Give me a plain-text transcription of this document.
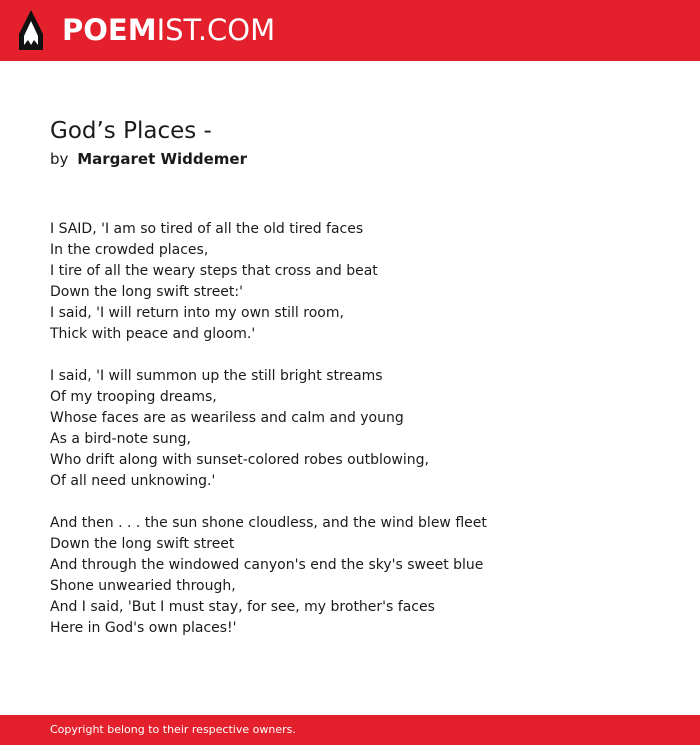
POEMIST.COM
God’s Places -
by Margaret Widdemer
I SAID, 'I am so tired of all the old tired faces
In the crowded places,
I tire of all the weary steps that cross and beat
Down the long swift street:'
I said, 'I will return into my own still room,
Thick with peace and gloom.'
I said, 'I will summon up the still bright streams
Of my trooping dreams,
Whose faces are as weariless and calm and young
As a bird-note sung,
Who drift along with sunset-colored robes outblowing,
Of all need unknowing.'
And then . . . the sun shone cloudless, and the wind blew fleet
Down the long swift street
And through the windowed canyon's end the sky's sweet blue
Shone unwearied through,
And I said, 'But I must stay, for see, my brother's faces
Here in God's own places!'
Copyright belong to their respective owners.
